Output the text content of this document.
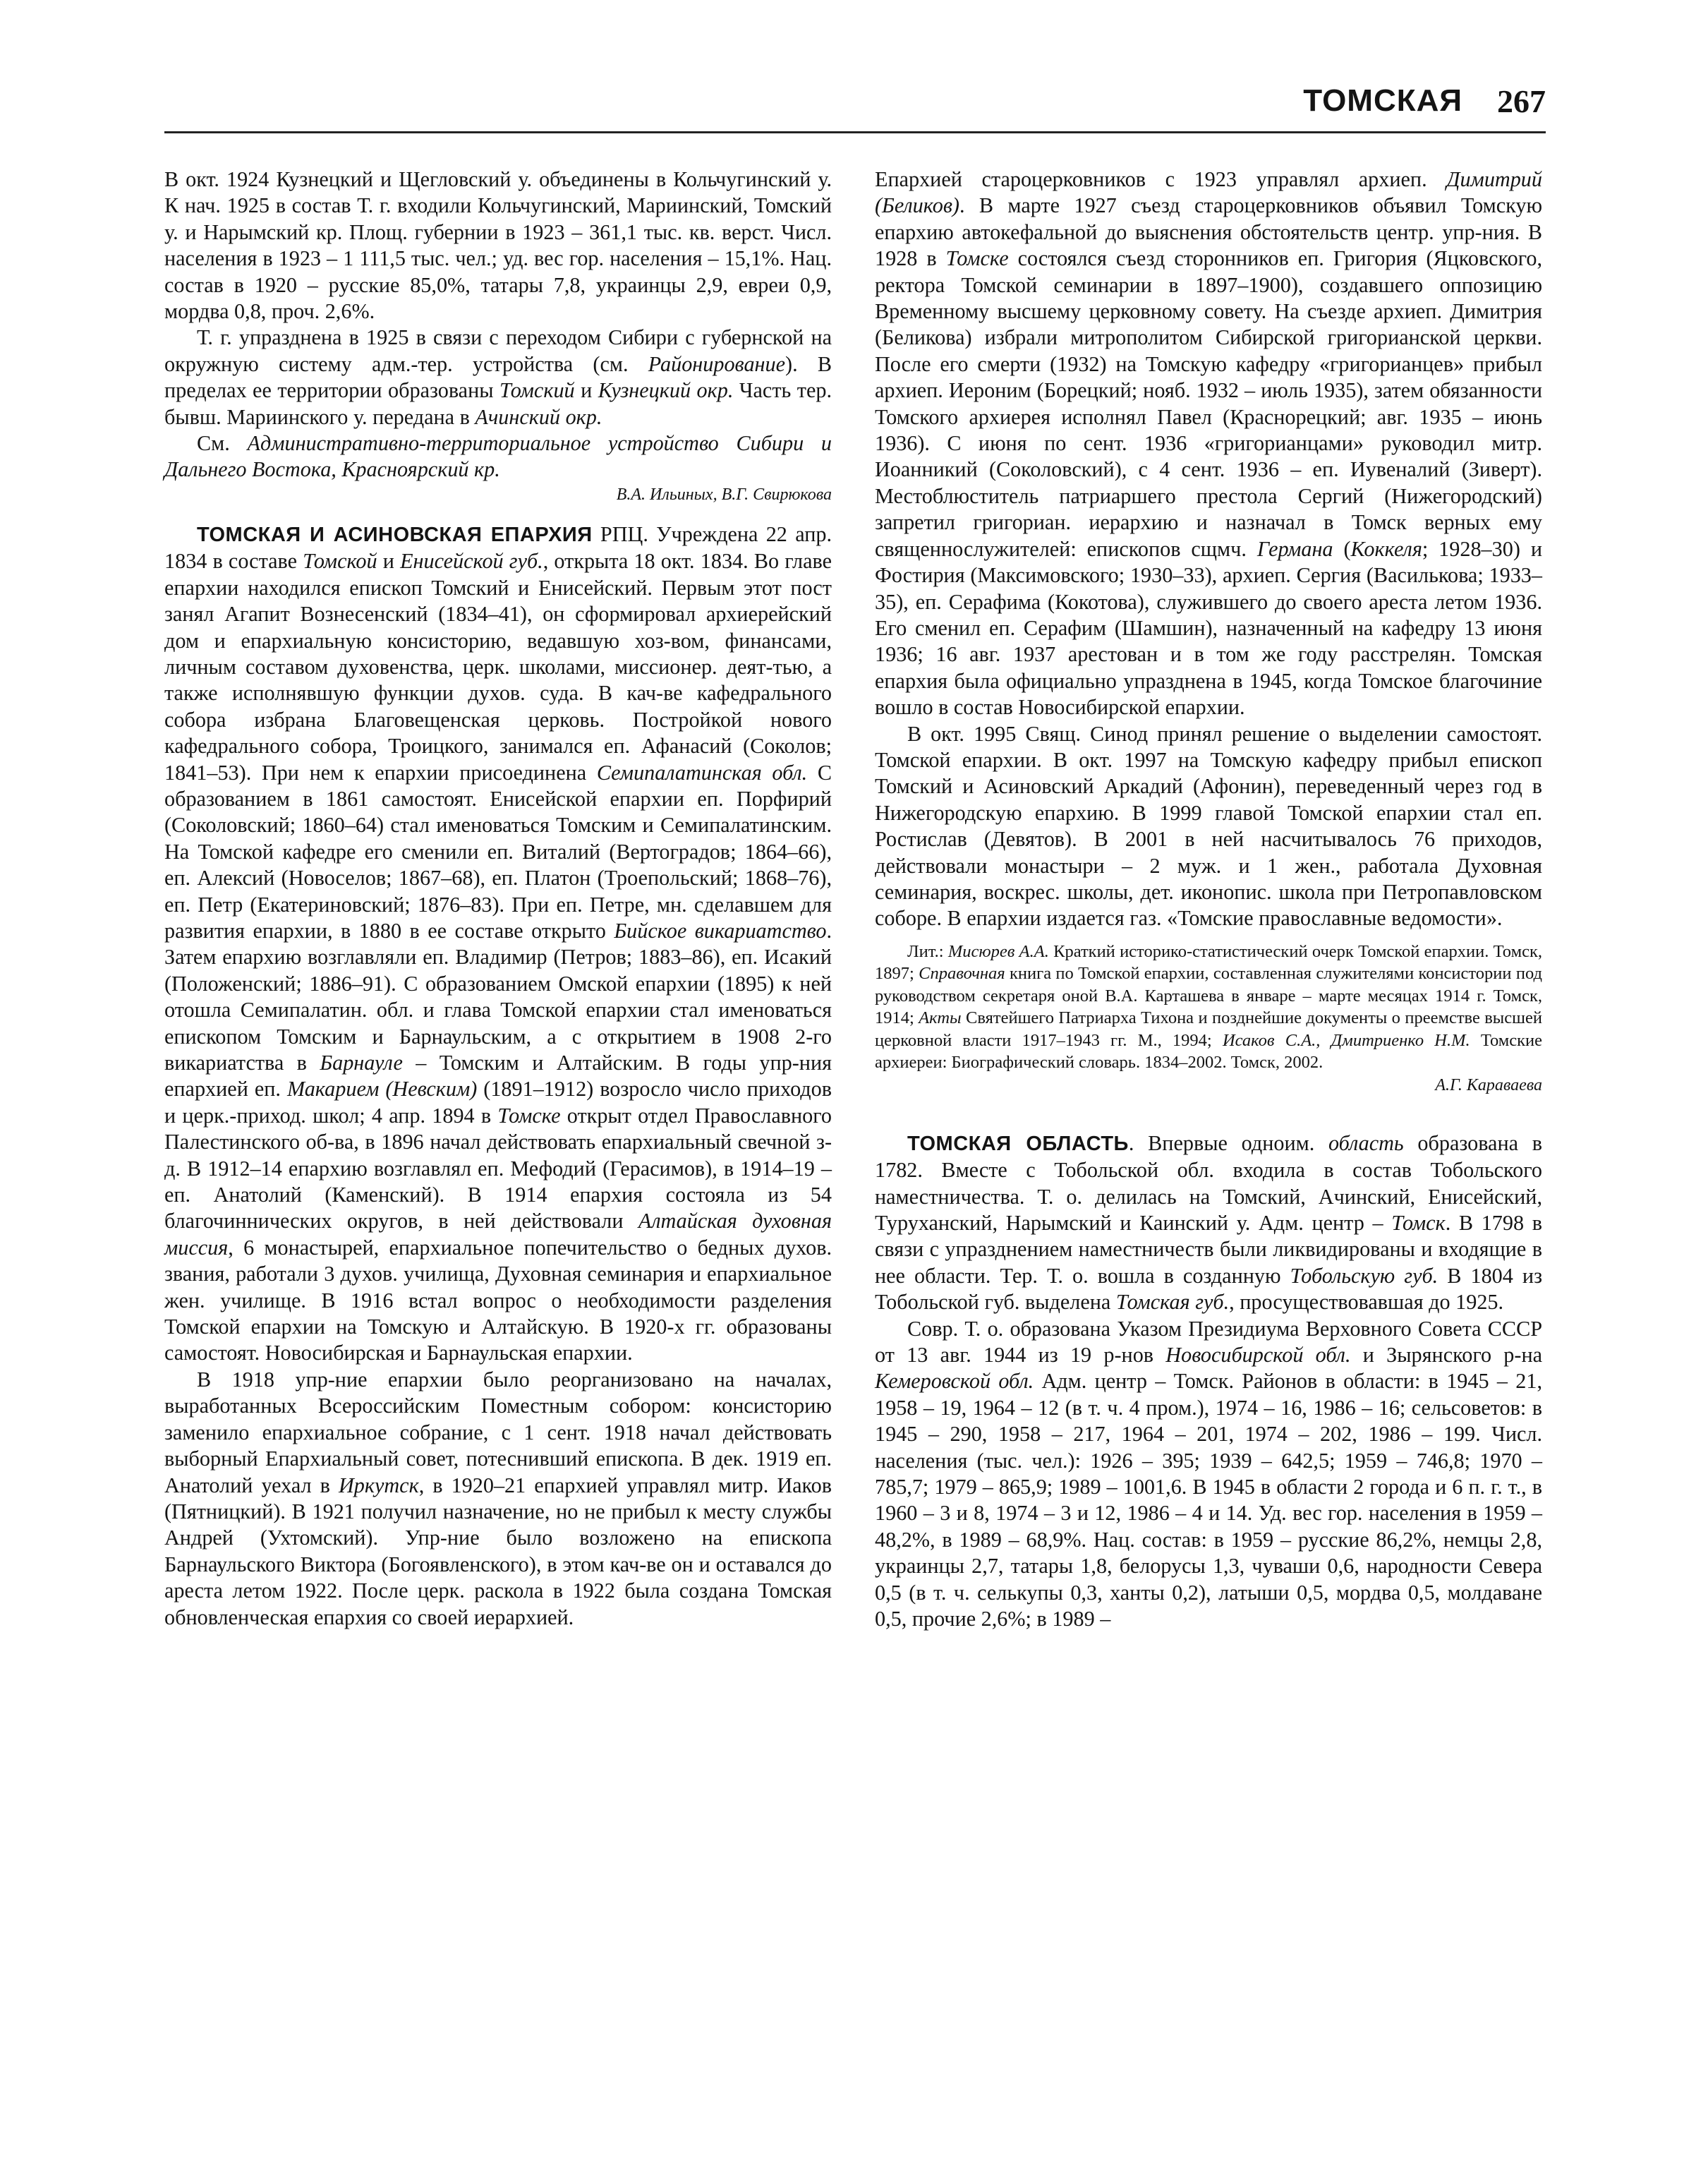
ТОМСКАЯ 267

В окт. 1924 Кузнецкий и Щегловский у. объединены в Кольчугинский у. К нач. 1925 в состав Т. г. входили Кольчугинский, Мариинский, Томский у. и Нарымский кр. Площ. губернии в 1923 – 361,1 тыс. кв. верст. Числ. населения в 1923 – 1 111,5 тыс. чел.; уд. вес гор. населения – 15,1%. Нац. состав в 1920 – русские 85,0%, татары 7,8, украинцы 2,9, евреи 0,9, мордва 0,8, проч. 2,6%.

Т. г. упразднена в 1925 в связи с переходом Сибири с губернской на окружную систему адм.-тер. устройства (см. Районирование). В пределах ее территории образованы Томский и Кузнецкий окр. Часть тер. бывш. Мариинского у. передана в Ачинский окр.

См. Административно-территориальное устройство Сибири и Дальнего Востока, Красноярский кр.

В.А. Ильиных, В.Г. Свирюкова

ТОМСКАЯ И АСИНОВСКАЯ ЕПАРХИЯ РПЦ. Учреждена 22 апр. 1834 в составе Томской и Енисейской губ., открыта 18 окт. 1834. Во главе епархии находился епископ Томский и Енисейский. Первым этот пост занял Агапит Вознесенский (1834–41), он сформировал архиерейский дом и епархиальную консисторию, ведавшую хоз-вом, финансами, личным составом духовенства, церк. школами, миссионер. деят-тью, а также исполнявшую функции духов. суда. В кач-ве кафедрального собора избрана Благовещенская церковь. Постройкой нового кафедрального собора, Троицкого, занимался еп. Афанасий (Соколов; 1841–53). При нем к епархии присоединена Семипалатинская обл. С образованием в 1861 самостоят. Енисейской епархии еп. Порфирий (Соколовский; 1860–64) стал именоваться Томским и Семипалатинским. На Томской кафедре его сменили еп. Виталий (Вертоградов; 1864–66), еп. Алексий (Новоселов; 1867–68), еп. Платон (Троепольский; 1868–76), еп. Петр (Екатериновский; 1876–83). При еп. Петре, мн. сделавшем для развития епархии, в 1880 в ее составе открыто Бийское викариатство. Затем епархию возглавляли еп. Владимир (Петров; 1883–86), еп. Исакий (Положенский; 1886–91). С образованием Омской епархии (1895) к ней отошла Семипалатин. обл. и глава Томской епархии стал именоваться епископом Томским и Барнаульским, а с открытием в 1908 2-го викариатства в Барнауле – Томским и Алтайским. В годы упр-ния епархией еп. Макарием (Невским) (1891–1912) возросло число приходов и церк.-приход. школ; 4 апр. 1894 в Томске открыт отдел Православного Палестинского об-ва, в 1896 начал действовать епархиальный свечной з-д. В 1912–14 епархию возглавлял еп. Мефодий (Герасимов), в 1914–19 – еп. Анатолий (Каменский). В 1914 епархия состояла из 54 благочиннических округов, в ней действовали Алтайская духовная миссия, 6 монастырей, епархиальное попечительство о бедных духов. звания, работали 3 духов. училища, Духовная семинария и епархиальное жен. училище. В 1916 встал вопрос о необходимости разделения Томской епархии на Томскую и Алтайскую. В 1920-х гг. образованы самостоят. Новосибирская и Барнаульская епархии.

В 1918 упр-ние епархии было реорганизовано на началах, выработанных Всероссийским Поместным собором: консисторию заменило епархиальное собрание, с 1 сент. 1918 начал действовать выборный Епархиальный совет, потеснивший епископа. В дек. 1919 еп. Анатолий уехал в Иркутск, в 1920–21 епархией управлял митр. Иаков (Пятницкий). В 1921 получил назначение, но не прибыл к месту службы Андрей (Ухтомский). Упр-ние было возложено на епископа Барнаульского Виктора (Богоявленского), в этом кач-ве он и оставался до ареста летом 1922. После церк. раскола в 1922 была создана Томская обновленческая епархия со своей иерархией.

Епархией староцерковников с 1923 управлял архиеп. Димитрий (Беликов). В марте 1927 съезд староцерковников объявил Томскую епархию автокефальной до выяснения обстоятельств центр. упр-ния. В 1928 в Томске состоялся съезд сторонников еп. Григория (Яцковского, ректора Томской семинарии в 1897–1900), создавшего оппозицию Временному высшему церковному совету. На съезде архиеп. Димитрия (Беликова) избрали митрополитом Сибирской григорианской церкви. После его смерти (1932) на Томскую кафедру «григорианцев» прибыл архиеп. Иероним (Борецкий; нояб. 1932 – июль 1935), затем обязанности Томского архиерея исполнял Павел (Краснорецкий; авг. 1935 – июнь 1936). С июня по сент. 1936 «григорианцами» руководил митр. Иоанникий (Соколовский), с 4 сент. 1936 – еп. Иувеналий (Зиверт). Местоблюститель патриаршего престола Сергий (Нижегородский) запретил григориан. иерархию и назначал в Томск верных ему священнослужителей: епископов сщмч. Германа (Коккеля; 1928–30) и Фостирия (Максимовского; 1930–33), архиеп. Сергия (Василькова; 1933–35), еп. Серафима (Кокотова), служившего до своего ареста летом 1936. Его сменил еп. Серафим (Шамшин), назначенный на кафедру 13 июня 1936; 16 авг. 1937 арестован и в том же году расстрелян. Томская епархия была официально упразднена в 1945, когда Томское благочиние вошло в состав Новосибирской епархии.

В окт. 1995 Свящ. Синод принял решение о выделении самостоят. Томской епархии. В окт. 1997 на Томскую кафедру прибыл епископ Томский и Асиновский Аркадий (Афонин), переведенный через год в Нижегородскую епархию. В 1999 главой Томской епархии стал еп. Ростислав (Девятов). В 2001 в ней насчитывалось 76 приходов, действовали монастыри – 2 муж. и 1 жен., работала Духовная семинария, воскрес. школы, дет. иконопис. школа при Петропавловском соборе. В епархии издается газ. «Томские православные ведомости».

Лит.: Мисюрев А.А. Краткий историко-статистический очерк Томской епархии. Томск, 1897; Справочная книга по Томской епархии, составленная служителями консистории под руководством секретаря оной В.А. Карташева в январе – марте месяцах 1914 г. Томск, 1914; Акты Святейшего Патриарха Тихона и позднейшие документы о преемстве высшей церковной власти 1917–1943 гг. М., 1994; Исаков С.А., Дмитриенко Н.М. Томские архиереи: Биографический словарь. 1834–2002. Томск, 2002.
А.Г. Караваева

ТОМСКАЯ ОБЛАСТЬ. Впервые одноим. область образована в 1782. Вместе с Тобольской обл. входила в состав Тобольского наместничества. Т. о. делилась на Томский, Ачинский, Енисейский, Туруханский, Нарымский и Каинский у. Адм. центр – Томск. В 1798 в связи с упразднением наместничеств были ликвидированы и входящие в нее области. Тер. Т. о. вошла в созданную Тобольскую губ. В 1804 из Тобольской губ. выделена Томская губ., просуществовавшая до 1925.

Совр. Т. о. образована Указом Президиума Верховного Совета СССР от 13 авг. 1944 из 19 р-нов Новосибирской обл. и Зырянского р-на Кемеровской обл. Адм. центр – Томск. Районов в области: в 1945 – 21, 1958 – 19, 1964 – 12 (в т. ч. 4 пром.), 1974 – 16, 1986 – 16; сельсоветов: в 1945 – 290, 1958 – 217, 1964 – 201, 1974 – 202, 1986 – 199. Числ. населения (тыс. чел.): 1926 – 395; 1939 – 642,5; 1959 – 746,8; 1970 – 785,7; 1979 – 865,9; 1989 – 1001,6. В 1945 в области 2 города и 6 п. г. т., в 1960 – 3 и 8, 1974 – 3 и 12, 1986 – 4 и 14. Уд. вес гор. населения в 1959 – 48,2%, в 1989 – 68,9%. Нац. состав: в 1959 – русские 86,2%, немцы 2,8, украинцы 2,7, татары 1,8, белорусы 1,3, чуваши 0,6, народности Севера 0,5 (в т. ч. селькупы 0,3, ханты 0,2), латыши 0,5, мордва 0,5, молдаване 0,5, прочие 2,6%; в 1989 –
